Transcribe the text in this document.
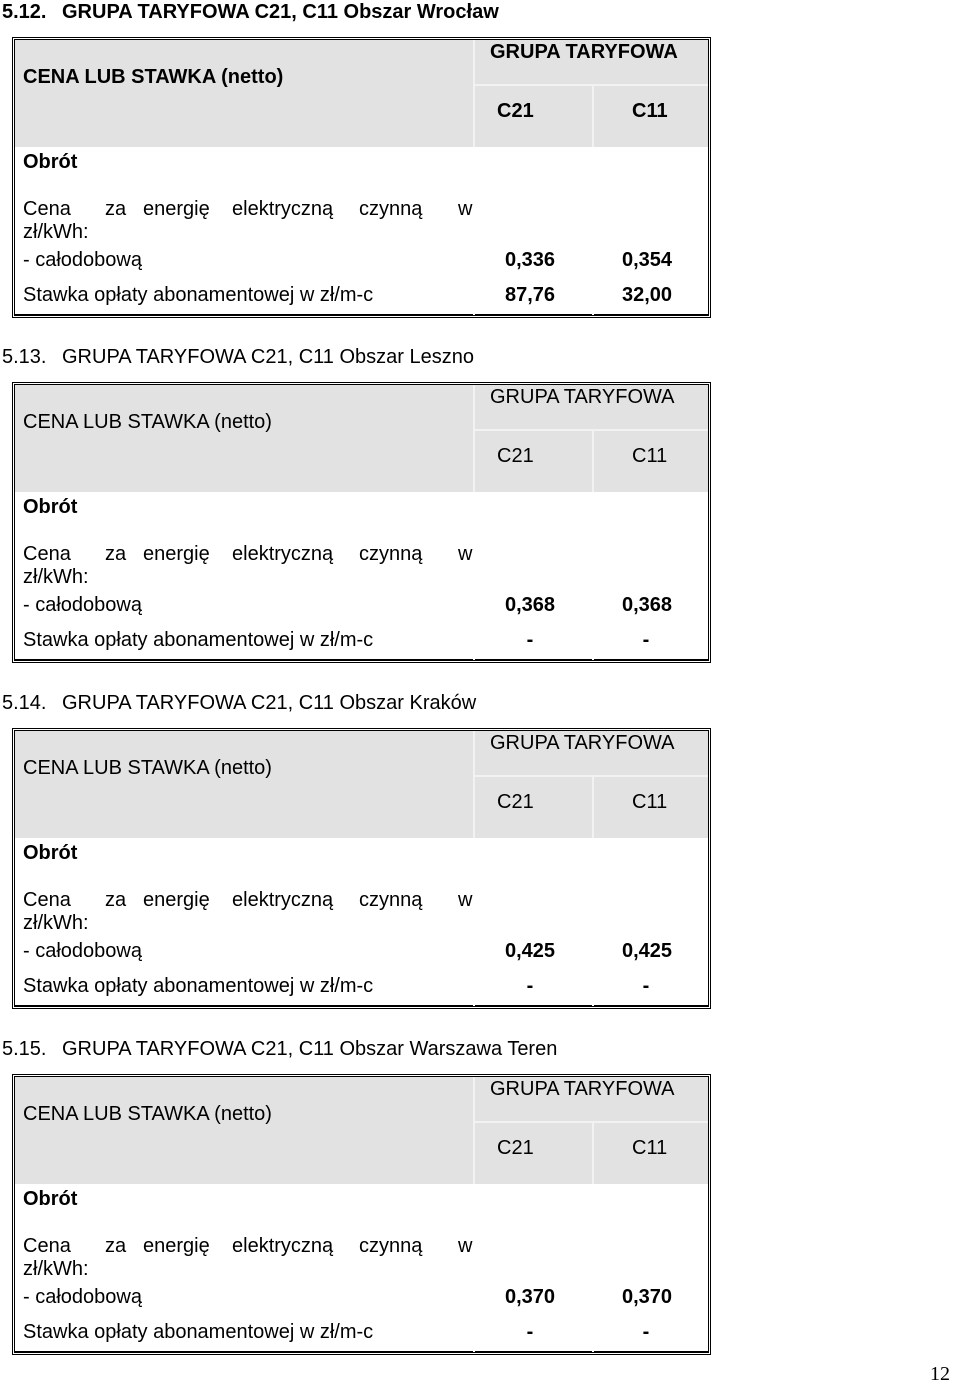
5.12. GRUPA TARYFOWA C21, C11 Obszar Wrocław
CENA LUB STAWKA (netto)
GRUPA TARYFOWA
C21	C11
Obrót
Cena za energię elektryczną czynną w
zł/kWh:
- całodobową	0,336	0,354
Stawka opłaty abonamentowej w zł/m-c	87,76	32,00
5.13. GRUPA TARYFOWA C21, C11 Obszar Leszno
CENA LUB STAWKA (netto)
GRUPA TARYFOWA
C21	C11
Obrót
Cena za energię elektryczną czynną w
zł/kWh:
- całodobową	0,368	0,368
Stawka opłaty abonamentowej w zł/m-c	-	-
5.14. GRUPA TARYFOWA C21, C11 Obszar Kraków
CENA LUB STAWKA (netto)
GRUPA TARYFOWA
C21	C11
Obrót
Cena za energię elektryczną czynną w
zł/kWh:
- całodobową	0,425	0,425
Stawka opłaty abonamentowej w zł/m-c	-	-
5.15. GRUPA TARYFOWA C21, C11 Obszar Warszawa Teren
CENA LUB STAWKA (netto)
GRUPA TARYFOWA
C21	C11
Obrót
Cena za energię elektryczną czynną w
zł/kWh:
- całodobową	0,370	0,370
Stawka opłaty abonamentowej w zł/m-c	-	-
12
